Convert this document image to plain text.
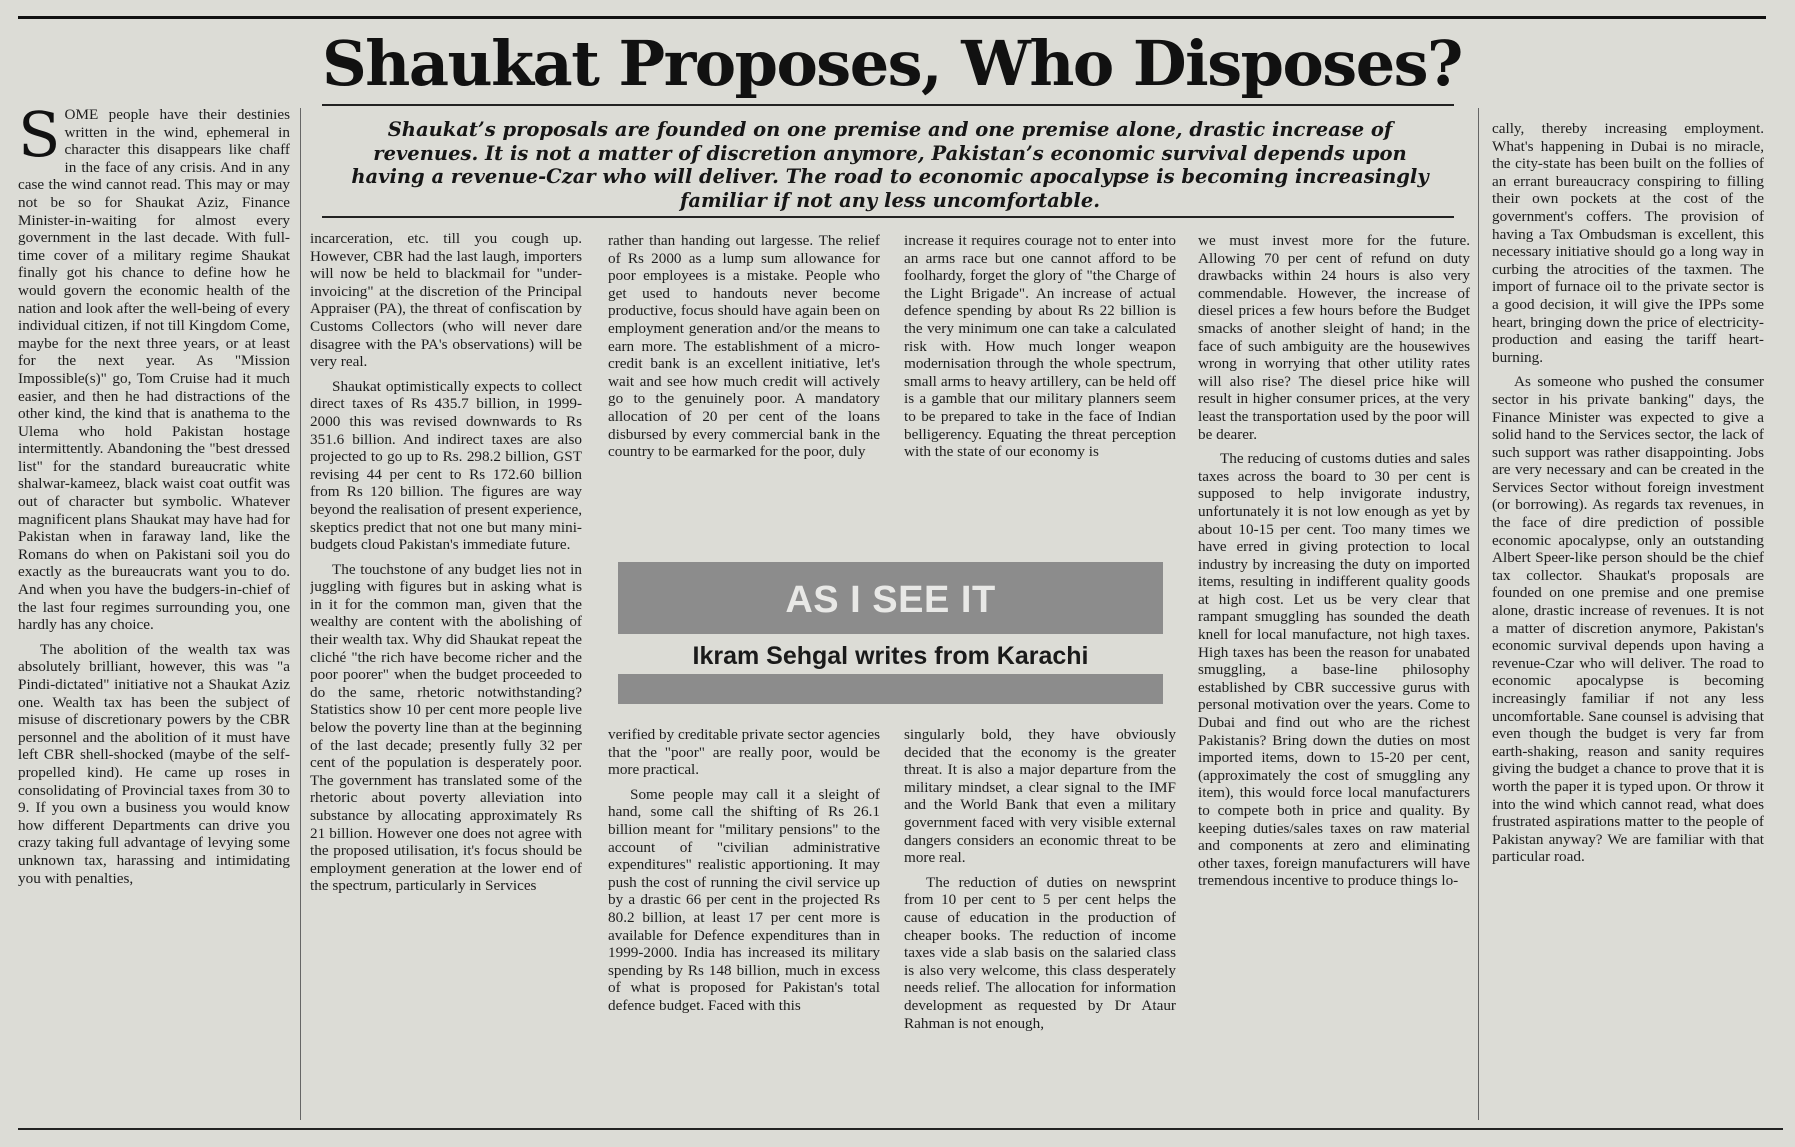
Shaukat Proposes, Who Disposes?

Shaukat’s proposals are founded on one premise and one premise alone, drastic increase of revenues. It is not a matter of discretion anymore, Pakistan’s economic survival depends upon having a revenue-Czar who will deliver. The road to economic apocalypse is becoming increasingly familiar if not any less uncomfortable.

SOME people have their destinies written in the wind, ephemeral in character this disappears like chaff in the face of any crisis. And in any case the wind cannot read. This may or may not be so for Shaukat Aziz, Finance Minister-in-waiting for almost every government in the last decade. With full-time cover of a military regime Shaukat finally got his chance to define how he would govern the economic health of the nation and look after the well-being of every individual citizen, if not till Kingdom Come, maybe for the next three years, or at least for the next year. As "Mission Impossible(s)" go, Tom Cruise had it much easier, and then he had distractions of the other kind, the kind that is anathema to the Ulema who hold Pakistan hostage intermittently. Abandoning the "best dressed list" for the standard bureaucratic white shalwar-kameez, black waist coat outfit was out of character but symbolic. Whatever magnificent plans Shaukat may have had for Pakistan when in faraway land, like the Romans do when on Pakistani soil you do exactly as the bureaucrats want you to do. And when you have the budgers-in-chief of the last four regimes surrounding you, one hardly has any choice.

The abolition of the wealth tax was absolutely brilliant, however, this was "a Pindi-dictated" initiative not a Shaukat Aziz one. Wealth tax has been the subject of misuse of discretionary powers by the CBR personnel and the abolition of it must have left CBR shell-shocked (maybe of the self-propelled kind). He came up roses in consolidating of Provincial taxes from 30 to 9. If you own a business you would know how different Departments can drive you crazy taking full advantage of levying some unknown tax, harassing and intimidating you with penalties,

incarceration, etc. till you cough up. However, CBR had the last laugh, importers will now be held to blackmail for "under-invoicing" at the discretion of the Principal Appraiser (PA), the threat of confiscation by Customs Collectors (who will never dare disagree with the PA's observations) will be very real.

Shaukat optimistically expects to collect direct taxes of Rs 435.7 billion, in 1999-2000 this was revised downwards to Rs 351.6 billion. And indirect taxes are also projected to go up to Rs. 298.2 billion, GST revising 44 per cent to Rs 172.60 billion from Rs 120 billion. The figures are way beyond the realisation of present experience, skeptics predict that not one but many mini-budgets cloud Pakistan's immediate future.

The touchstone of any budget lies not in juggling with figures but in asking what is in it for the common man, given that the wealthy are content with the abolishing of their wealth tax. Why did Shaukat repeat the cliché "the rich have become richer and the poor poorer" when the budget proceeded to do the same, rhetoric notwithstanding? Statistics show 10 per cent more people live below the poverty line than at the beginning of the last decade; presently fully 32 per cent of the population is desperately poor. The government has translated some of the rhetoric about poverty alleviation into substance by allocating approximately Rs 21 billion. However one does not agree with the proposed utilisation, it's focus should be employment generation at the lower end of the spectrum, particularly in Services

rather than handing out largesse. The relief of Rs 2000 as a lump sum allowance for poor employees is a mistake. People who get used to handouts never become productive, focus should have again been on employment generation and/or the means to earn more. The establishment of a micro-credit bank is an excellent initiative, let's wait and see how much credit will actively go to the genuinely poor. A mandatory allocation of 20 per cent of the loans disbursed by every commercial bank in the country to be earmarked for the poor, duly

increase it requires courage not to enter into an arms race but one cannot afford to be foolhardy, forget the glory of "the Charge of the Light Brigade". An increase of actual defence spending by about Rs 22 billion is the very minimum one can take a calculated risk with. How much longer weapon modernisation through the whole spectrum, small arms to heavy artillery, can be held off is a gamble that our military planners seem to be prepared to take in the face of Indian belligerency. Equating the threat perception with the state of our economy is

AS I SEE IT
Ikram Sehgal writes from Karachi

verified by creditable private sector agencies that the "poor" are really poor, would be more practical.

Some people may call it a sleight of hand, some call the shifting of Rs 26.1 billion meant for "military pensions" to the account of "civilian administrative expenditures" realistic apportioning. It may push the cost of running the civil service up by a drastic 66 per cent in the projected Rs 80.2 billion, at least 17 per cent more is available for Defence expenditures than in 1999-2000. India has increased its military spending by Rs 148 billion, much in excess of what is proposed for Pakistan's total defence budget. Faced with this

singularly bold, they have obviously decided that the economy is the greater threat. It is also a major departure from the military mindset, a clear signal to the IMF and the World Bank that even a military government faced with very visible external dangers considers an economic threat to be more real.

The reduction of duties on newsprint from 10 per cent to 5 per cent helps the cause of education in the production of cheaper books. The reduction of income taxes vide a slab basis on the salaried class is also very welcome, this class desperately needs relief. The allocation for information development as requested by Dr Ataur Rahman is not enough,

we must invest more for the future. Allowing 70 per cent of refund on duty drawbacks within 24 hours is also very commendable. However, the increase of diesel prices a few hours before the Budget smacks of another sleight of hand; in the face of such ambiguity are the housewives wrong in worrying that other utility rates will also rise? The diesel price hike will result in higher consumer prices, at the very least the transportation used by the poor will be dearer.

The reducing of customs duties and sales taxes across the board to 30 per cent is supposed to help invigorate industry, unfortunately it is not low enough as yet by about 10-15 per cent. Too many times we have erred in giving protection to local industry by increasing the duty on imported items, resulting in indifferent quality goods at high cost. Let us be very clear that rampant smuggling has sounded the death knell for local manufacture, not high taxes. High taxes has been the reason for unabated smuggling, a base-line philosophy established by CBR successive gurus with personal motivation over the years. Come to Dubai and find out who are the richest Pakistanis? Bring down the duties on most imported items, down to 15-20 per cent, (approximately the cost of smuggling any item), this would force local manufacturers to compete both in price and quality. By keeping duties/sales taxes on raw material and components at zero and eliminating other taxes, foreign manufacturers will have tremendous incentive to produce things lo-

cally, thereby increasing employment. What's happening in Dubai is no miracle, the city-state has been built on the follies of an errant bureaucracy conspiring to filling their own pockets at the cost of the government's coffers. The provision of having a Tax Ombudsman is excellent, this necessary initiative should go a long way in curbing the atrocities of the taxmen. The import of furnace oil to the private sector is a good decision, it will give the IPPs some heart, bringing down the price of electricity-production and easing the tariff heart-burning.

As someone who pushed the consumer sector in his private banking" days, the Finance Minister was expected to give a solid hand to the Services sector, the lack of such support was rather disappointing. Jobs are very necessary and can be created in the Services Sector without foreign investment (or borrowing). As regards tax revenues, in the face of dire prediction of possible economic apocalypse, only an outstanding Albert Speer-like person should be the chief tax collector. Shaukat's proposals are founded on one premise and one premise alone, drastic increase of revenues. It is not a matter of discretion anymore, Pakistan's economic survival depends upon having a revenue-Czar who will deliver. The road to economic apocalypse is becoming increasingly familiar if not any less uncomfortable. Sane counsel is advising that even though the budget is very far from earth-shaking, reason and sanity requires giving the budget a chance to prove that it is worth the paper it is typed upon. Or throw it into the wind which cannot read, what does frustrated aspirations matter to the people of Pakistan anyway? We are familiar with that particular road.
